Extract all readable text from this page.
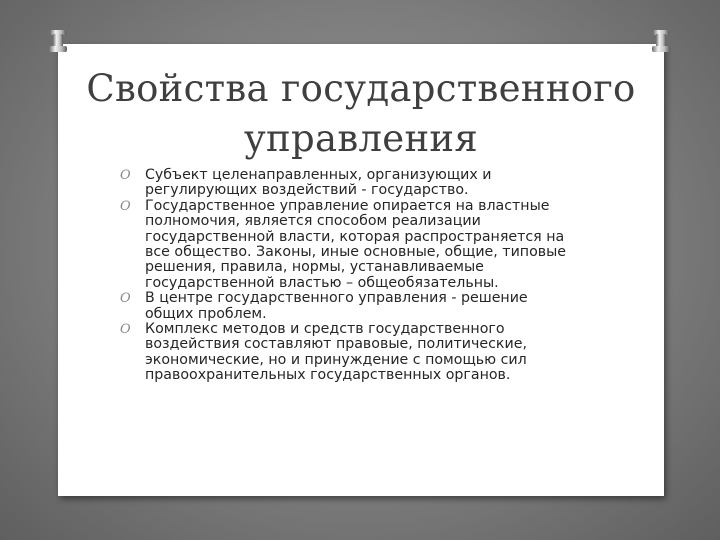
Свойства государственного
управления
O Субъект целенаправленных, организующих и
регулирующих воздействий - государство.
O Государственное управление опирается на властные
полномочия, является способом реализации
государственной власти, которая распространяется на
все общество. Законы, иные основные, общие, типовые
решения, правила, нормы, устанавливаемые
государственной властью – общеобязательны.
O В центре государственного управления - решение
общих проблем.
O Комплекс методов и средств государственного
воздействия составляют правовые, политические,
экономические, но и принуждение с помощью сил
правоохранительных государственных органов.
